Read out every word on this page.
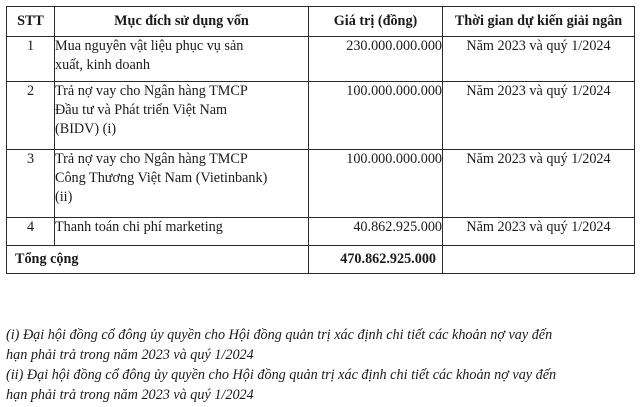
STT	Mục đích sử dụng vốn	Giá trị (đồng)	Thời gian dự kiến giải ngân
1	Mua nguyên vật liệu phục vụ sản
xuất, kinh doanh	230.000.000.000	Năm 2023 và quý 1/2024
2	Trả nợ vay cho Ngân hàng TMCP
Đầu tư và Phát triển Việt Nam
(BIDV) (i)	100.000.000.000	Năm 2023 và quý 1/2024
3	Trả nợ vay cho Ngân hàng TMCP
Công Thương Việt Nam (Vietinbank)
(ii)	100.000.000.000	Năm 2023 và quý 1/2024
4	Thanh toán chi phí marketing	40.862.925.000	Năm 2023 và quý 1/2024
Tổng cộng		470.862.925.000	

(i) Đại hội đồng cổ đông ủy quyền cho Hội đồng quản trị xác định chi tiết các khoản nợ vay đến
hạn phải trả trong năm 2023 và quý 1/2024

(ii) Đại hội đồng cổ đông ủy quyền cho Hội đồng quản trị xác định chi tiết các khoản nợ vay đến
hạn phải trả trong năm 2023 và quý 1/2024
